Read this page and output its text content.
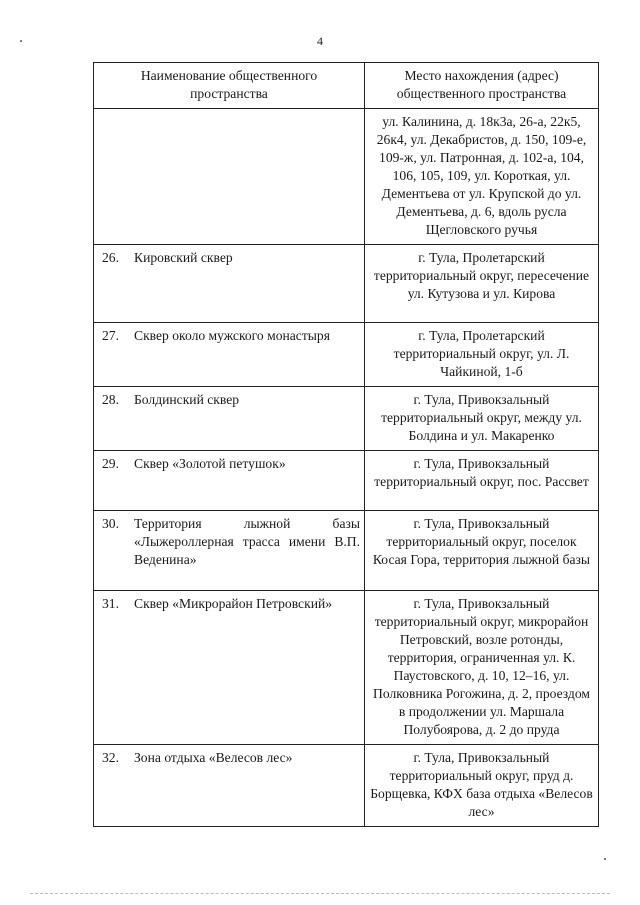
4
Наименование общественного пространства	Место нахождения (адрес) общественного пространства

	ул. Калинина, д. 18к3а, 26-а, 22к5, 26к4, ул. Декабристов, д. 150, 109-е, 109-ж, ул. Патронная, д. 102-а, 104, 106, 105, 109, ул. Короткая, ул. Дементьева от ул. Крупской до ул. Дементьева, д. 6, вдоль русла Щегловского ручья

26. Кировский сквер	г. Тула, Пролетарский территориальный округ, пересечение ул. Кутузова и ул. Кирова

27. Сквер около мужского монастыря	г. Тула, Пролетарский территориальный округ, ул. Л. Чайкиной, 1-б

28. Болдинский сквер	г. Тула, Привокзальный территориальный округ, между ул. Болдина и ул. Макаренко

29. Сквер «Золотой петушок»	г. Тула, Привокзальный территориальный округ, пос. Рассвет

30. Территория лыжной базы «Лыжероллерная трасса имени В.П. Веденина»	г. Тула, Привокзальный территориальный округ, поселок Косая Гора, территория лыжной базы

31. Сквер «Микрорайон Петровский»	г. Тула, Привокзальный территориальный округ, микрорайон Петровский, возле ротонды, территория, ограниченная ул. К. Паустовского, д. 10, 12–16, ул. Полковника Рогожина, д. 2, проездом в продолжении ул. Маршала Полубоярова, д. 2 до пруда

32. Зона отдыха «Велесов лес»	г. Тула, Привокзальный территориальный округ, пруд д. Борщевка, КФХ база отдыха «Велесов лес»
